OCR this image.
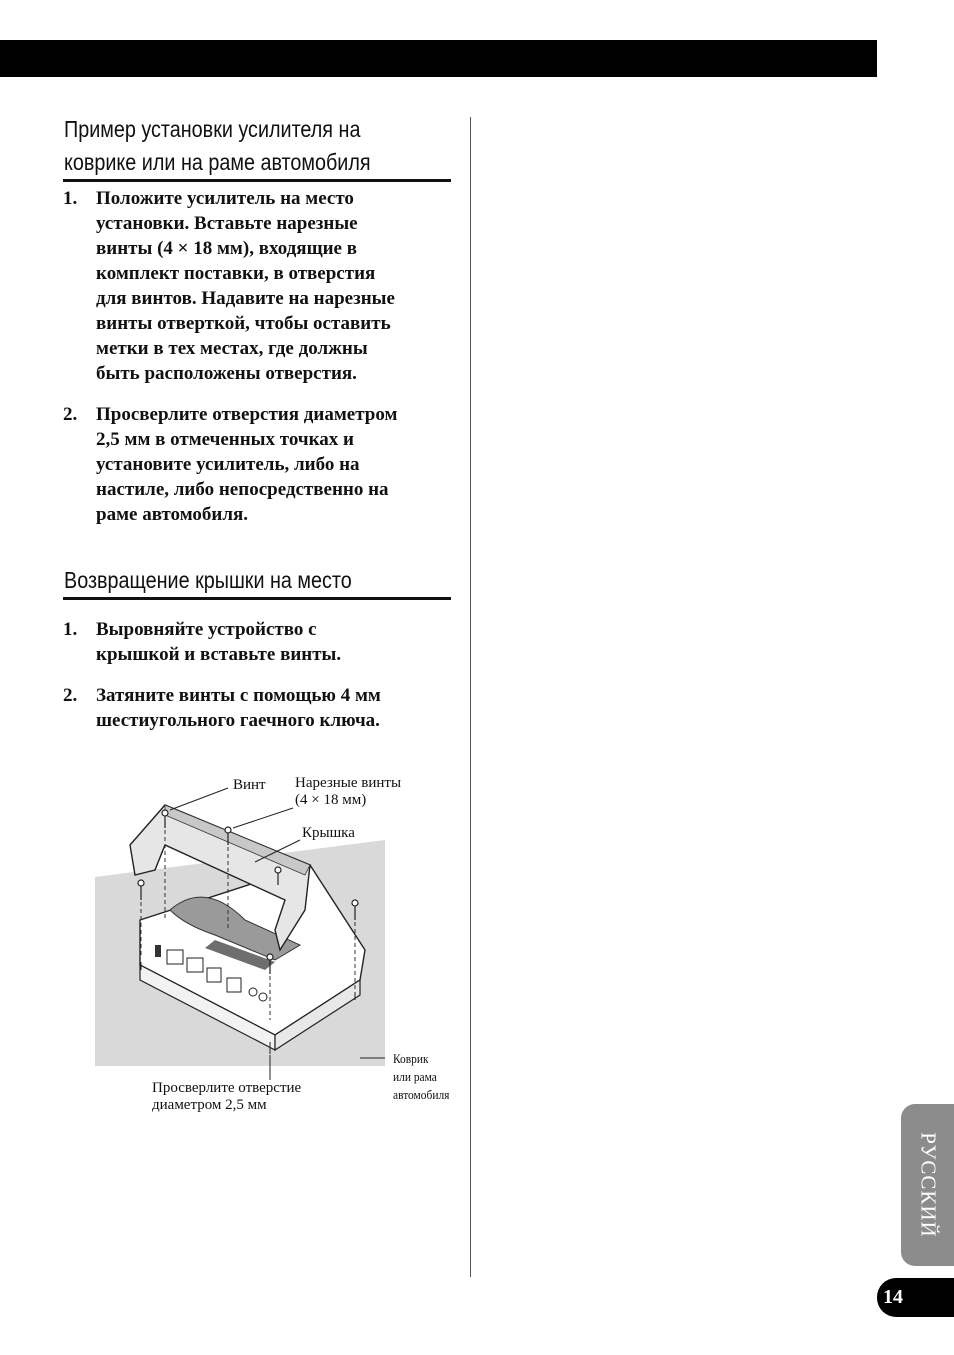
Пример установки усилителя на
коврике или на раме автомобиля
1. Положите усилитель на место
установки. Вставьте нарезные
винты (4 × 18 мм), входящие в
комплект поставки, в отверстия
для винтов. Надавите на нарезные
винты отверткой, чтобы оставить
метки в тех местах, где должны
быть расположены отверстия.
2. Просверлите отверстия диаметром
2,5 мм в отмеченных точках и
установите усилитель, либо на
настиле, либо непосредственно на
раме автомобиля.
Возвращение крышки на место
1. Выровняйте устройство с
крышкой и вставьте винты.
2. Затяните винты с помощью 4 мм
шестиугольного гаечного ключа.
Винт Нарезные винты
(4 × 18 мм)
Крышка
Просверлите отверстие
диаметром 2,5 мм
Коврик
или рама
автомобиля
РУССКИЙ
14
